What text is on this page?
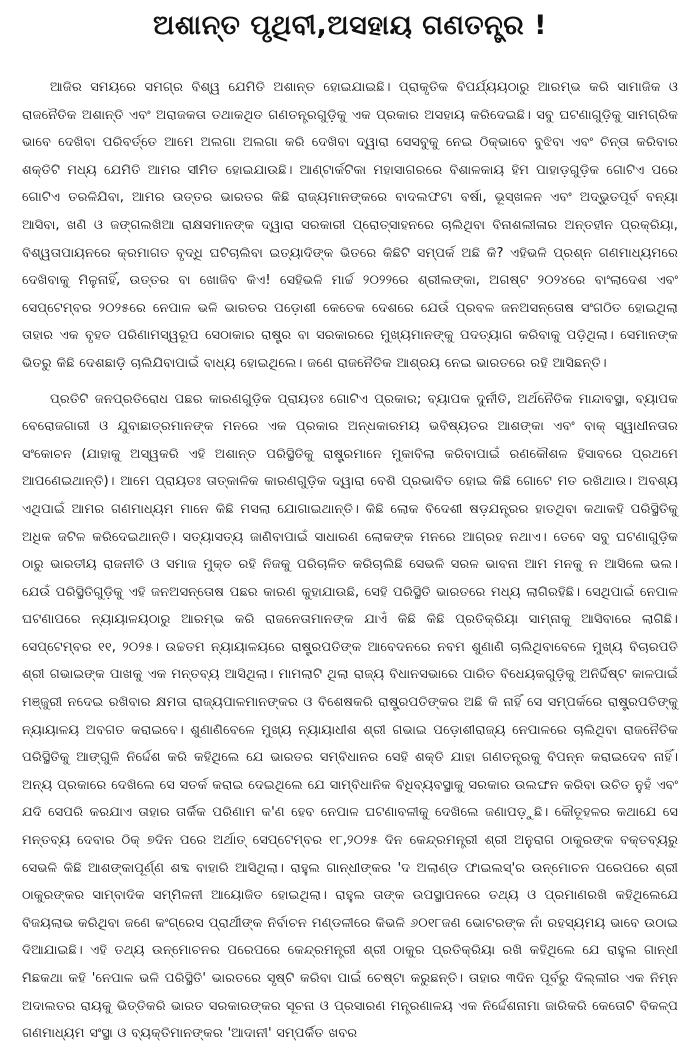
ଅଶାନ୍ତ ପୃଥିବୀ,ଅସହାୟ ଗଣତନ୍ତ୍ର !

ଆଜିର ସମୟରେ ସମଗ୍ର ବିଶ୍ୱ ଯେମିତି ଅଶାନ୍ତ ହୋଇଯାଇଛି। ପ୍ରାକୃତିକ ବିପର୍ଯ୍ୟୟଠାରୁ ଆରମ୍ଭ କରି ସାମାଜିକ ଓ ରାଜନୈତିକ ଅଶାନ୍ତି ଏବଂ ଅରାଜକତା ତଥାକଥିତ ଗଣତନ୍ତ୍ରଗୁଡ଼ିକୁ ଏକ ପ୍ରକାର ଅସହାୟ କରିଦେଇଛି। ସବୁ ଘଟଣାଗୁଡ଼ିକୁ ସାମଗ୍ରିକ ଭାବେ ଦେଖିବା ପରିବର୍ତ୍ତେ ଆମେ ଅଲଗା ଅଲଗା କରି ଦେଖିବା ଦ୍ୱାରା ସେସବୁକୁ ନେଇ ଠିକ୍‌ଭାବେ ବୁଝିବା ଏବଂ ଚିନ୍ତା କରିବାର ଶକ୍ତିଟି ମଧ୍ୟ ଯେମିତି ଆମର ସୀମିତ ହୋଇଯାଉଛି। ଆଣ୍ଟାର୍କଟିକା ମହାସାଗରରେ ବିଶାଳକାୟ ହିମ ପାହାଡ଼ଗୁଡ଼ିକ ଗୋଟିଏ ପରେ ଗୋଟିଏ ତରଳିଯିବା, ଆମର ଉତ୍ତର ଭାରତର କିଛି ରାଜ୍ୟମାନଙ୍କରେ ବାଦଲଫଟା ବର୍ଷା, ଭୂସ୍ଖଳନ ଏବଂ ଅଦ୍ଭୁତପୂର୍ବ ବନ୍ୟା ଆସିବା, ଖଣି ଓ ଜଙ୍ଗଲଖିଆ ରାକ୍ଷସମାନଙ୍କ ଦ୍ୱାରା ସରକାରୀ ପ୍ରୋତ୍ସାହନରେ ଚାଲିଥିବା ବିନାଶଲୀଳାର ଅନ୍ତହୀନ ପ୍ରକ୍ରିୟା, ବିଶ୍ୱତାପାୟନରେ କ୍ରମାଗତ ବୃଦ୍ଧି ଘଟିଚାଲିବା ଇତ୍ୟାଦିଙ୍କ ଭିତରେ କିଛିଟି ସମ୍ପର୍କ ଅଛି କି? ଏହିଭଳି ପ୍ରଶ୍ନ ଗଣମାଧ୍ୟମରେ ଦେଖିବାକୁ ମିଳୁନାହିଁ, ଉତ୍ତର ବା ଖୋଜିବ କିଏ! ସେହିଭଳି ମାର୍ଚ୍ଚ ୨୦୨୨ରେ ଶ୍ରୀଲଙ୍କା, ଅଗଷ୍ଟ ୨୦୨୪ରେ ବାଂଲାଦେଶ ଏବଂ ସେପ୍ଟେମ୍ବର ୨୦୨୫ରେ ନେପାଳ ଭଳି ଭାରତର ପଡ଼ୋଶୀ କେତେକ ଦେଶରେ ଯେଉଁ ପ୍ରବଳ ଜନଅସନ୍ତୋଷ ସଂଗଠିତ ହୋଇଥିଲା ତାହାର ଏକ ବୃହତ ପରିଣାମସ୍ୱରୂପ ସେଠାକାର ରାଷ୍ଟ୍ର ବା ସରକାରରେ ମୁଖ୍ୟମାନଙ୍କୁ ପଦତ୍ୟାଗ କରିବାକୁ ପଡ଼ିଥିଲା। ସେମାନଙ୍କ ଭିତରୁ କିଛି ଦେଶଛାଡ଼ି ଚାଲିଯିବାପାଇଁ ବାଧ୍ୟ ହୋଇଥିଲେ। ଜଣେ ରାଜନୈତିକ ଆଶ୍ରୟ ନେଇ ଭାରତରେ ରହି ଆସିଛନ୍ତି।

ପ୍ରତିଟି ଜନପ୍ରତିରୋଧ ପଛର କାରଣଗୁଡ଼ିକ ପ୍ରାୟତଃ ଗୋଟିଏ ପ୍ରକାର; ବ୍ୟାପକ ଦୁର୍ନୀତି, ଅର୍ଥନୈତିକ ମାନ୍ଦାବସ୍ଥା, ବ୍ୟାପକ ବେରୋଜଗାରୀ ଓ ଯୁବାଛାତ୍ରମାନଙ୍କ ମନରେ ଏକ ପ୍ରକାର ଅନ୍ଧକାରମୟ ଭବିଷ୍ୟତର ଆଶଙ୍କା ଏବଂ ବାକ୍ ସ୍ୱାଧୀନତାର ସଂକୋଚନ (ଯାହାକୁ ଅସ୍ୱକରି ଏହି ଅଶାନ୍ତ ପରିସ୍ଥିତିକୁ ରାଷ୍ଟ୍ରମାନେ ମୁକାବିଲା କରିବାପାଇଁ ରଣକୌଶଳ ହିସାବରେ ପ୍ରଥମେ ଆପଣେଇଥାନ୍ତି)। ଆମେ ପ୍ରାୟତଃ ତାତ୍କାଳିକ କାରଣଗୁଡ଼ିକ ଦ୍ୱାରା ବେଶି ପ୍ରଭାବିତ ହୋଇ କିଛି ଗୋଟେ ମତ ରଖିଥାଉ। ଅବଶ୍ୟ ଏଥିପାଇଁ ଆମର ଗଣମାଧ୍ୟମ ମାନେ କିଛି ମସଲା ଯୋଗାଇଥାନ୍ତି। କିଛି ଲୋକ ବିଦେଶୀ ଷଡ଼ଯନ୍ତ୍ରର ହାତଥିବା କଥାକହି ପରିସ୍ଥିତିକୁ ଅଧିକ ଜଟିଳ କରିଦେଇଥାନ୍ତି। ସତ୍ୟାସତ୍ୟ ଜାଣିବାପାଇଁ ସାଧାରଣ ଲୋକଙ୍କ ମନରେ ଆଗ୍ରହ ନଥାଏ। ତେବେ ସବୁ ଘଟଣାଗୁଡ଼ିକ ଠାରୁ ଭାରତୀୟ ରାଜନୀତି ଓ ସମାଜ ମୁକ୍ତ ରହି ନିଜକୁ ପରିଚାଳିତ କରିଚାଲିଛି ସେଭଳି ସରଳ ଭାବନା ଆମ ମନକୁ ନ ଆସିଲେ ଭଲ। ଯେଉଁ ପରିସ୍ଥିତିଗୁଡ଼ିକୁ ଏହି ଜନଅସନ୍ତୋଷ ପଛର କାରଣ କୁହାଯାଉଛି, ସେହି ପରିସ୍ଥିତି ଭାରତରେ ମଧ୍ୟ ଲାଗିରହିଛି। ସେଥିପାଇଁ ନେପାଳ ଘଟଣାପରେ ନ୍ୟାୟାଳୟଠାରୁ ଆରମ୍ଭ କରି ରାଜନେତାମାନଙ୍କ ଯାଏଁ କିଛି କିଛି ପ୍ରତିକ୍ରିୟା ସାମ୍ନାକୁ ଆସିବାରେ ଲାଗିଛି। ସେପ୍ଟେମ୍ବର ୧୧, ୨୦୨୫। ଉଚ୍ଚତମ ନ୍ୟାୟାଳୟରେ ରାଷ୍ଟ୍ରପତିଙ୍କ ଆବେଦନରେ ନବମ ଶୁଣାଣି ଚାଲିଥିବାବେଳେ ମୁଖ୍ୟ ବିଚାରପତି ଶ୍ରୀ ଗଭାଇଙ୍କ ପାଖକୁ ଏକ ମନ୍ତବ୍ୟ ଆସିଥିଲା। ମାମଲାଟି ଥିଲା ରାଜ୍ୟ ବିଧାନସଭାରେ ପାରିତ ବିଧେୟକଗୁଡ଼ିକୁ ଅନିର୍ଦ୍ଦିଷ୍ଟ କାଳପାଇଁ ମଞ୍ଜୁରୀ ନଦେଇ ରଖିବାର କ୍ଷମତା ରାଜ୍ୟପାଳମାନଙ୍କର ଓ ବିଶେଷକରି ରାଷ୍ଟ୍ରପତିଙ୍କର ଅଛି କି ନାହିଁ ସେ ସମ୍ପର୍କରେ ରାଷ୍ଟ୍ରପତିଙ୍କୁ ନ୍ୟାୟାଳୟ ଅବଗତ କରାଇବେ। ଶୁଣାଣିବେଳେ ମୁଖ୍ୟ ନ୍ୟାୟାଧୀଶ ଶ୍ରୀ ଗଭାଇ ପଡ଼ୋଶୀରାଜ୍ୟ ନେପାଳରେ ଚାଲିଥିବା ରାଜନୈତିକ ପରିସ୍ଥିତିକୁ ଆଙ୍ଗୁଳି ନିର୍ଦ୍ଦେଶ କରି କହିଥିଲେ ଯେ ଭାରତର ସମ୍ବିଧାନର ସେହି ଶକ୍ତି ଯାହା ଗଣତନ୍ତ୍ରକୁ ବିପନ୍ନ କରାଇଦେବ ନାହିଁ। ଅନ୍ୟ ପ୍ରକାରେ ଦେଖିଲେ ସେ ସତର୍କ କରାଇ ଦେଇଥିଲେ ଯେ ସାମ୍ବିଧାନିକ ବିଧିବ୍ୟବସ୍ଥାକୁ ସରକାର ଉଲଙ୍ଘନ କରିବା ଉଚିତ ନୁହଁ ଏବଂ ଯଦି ସେପରି କରଯାଏ ତାହାର ତାର୍କିକ ପରିଣାମ କ'ଣ ହେବ ନେପାଳ ଘଟଣାବଳୀକୁ ଦେଖିଲେ ଜଣାପଡ଼ୁଛି। କୌତୂହଳର କଥାଯେ ସେ ମନ୍ତବ୍ୟ ଦେବାର ଠିକ୍ ୭ଦିନ ପରେ ଅର୍ଥାତ୍ ସେପ୍ଟେମ୍ବର ୧୮,୨୦୨୫ ଦିନ କେନ୍ଦ୍ରମନ୍ତ୍ରୀ ଶ୍ରୀ ଅନୁରାଗ ଠାକୁରଙ୍କ ବକ୍ତବ୍ୟରୁ ସେଭଳି କିଛି ଆଶଙ୍କାପୂର୍ଣ୍ଣ ଶବ୍ଦ ବାହାରି ଆସିଥିଲା। ରାହୁଲ ଗାନ୍ଧୀଙ୍କର 'ଦ ଅଲାଣ୍ଡ ଫାଇଲସ୍'ର ଉନ୍ମୋଚନ ପରେପରେ ଶ୍ରୀ ଠାକୁରଙ୍କର ସାମ୍ବାଦିକ ସମ୍ମିଳନୀ ଆୟୋଜିତ ହୋଇଥିଲା। ରାହୁଲ ତାଙ୍କ ଉପସ୍ଥାପନରେ ତଥ୍ୟ ଓ ପ୍ରମାଣରଖି କହିଥିଲେଯେ ବିଜୟଲାଭ କରିଥିବା ଜଣେ କଂଗ୍ରେସ ପ୍ରାର୍ଥୀଙ୍କ ନିର୍ବାଚନ ମଣ୍ଡଳୀରେ କିଭଳି ୬୦୧୮ଜଣ ଭୋଟରଙ୍କ ନାଁ ରହସ୍ୟମୟ ଭାବେ ଉଠାଇ ଦିଆଯାଇଛି। ଏହି ତଥ୍ୟ ଉନ୍ମୋଚନର ପରେପରେ କେନ୍ଦ୍ରମନ୍ତ୍ରୀ ଶ୍ରୀ ଠାକୁର ପ୍ରତିକ୍ରିୟା ରଖି କହିଥିଲେ ଯେ ରାହୁଲ ଗାନ୍ଧୀ ମିଛକଥା କହି 'ନେପାଳ ଭଳି ପରିସ୍ଥିତି' ଭାରତରେ ସୃଷ୍ଟି କରିବା ପାଇଁ ଚେଷ୍ଟା କରୁଛନ୍ତି। ତାହାର ୩ଦିନ ପୂର୍ବରୁ ଦିଲ୍ଲୀର ଏକ ନିମ୍ନ ଅଦାଲତର ରାୟକୁ ଭିତ୍ତିକରି ଭାରତ ସରକାରଙ୍କର ସୂଚନା ଓ ପ୍ରସାରଣ ମନ୍ତ୍ରଣାଳୟ ଏକ ନିର୍ଦ୍ଦେଶନାମା ଜାରିକରି କେତୋଟି ବିକଳ୍ପ ଗଣମାଧ୍ୟମ ସଂସ୍ଥା ଓ ବ୍ୟକ୍ତିମାନଙ୍କର 'ଆଦାନୀ' ସମ୍ପର୍କିତ ଖବର
